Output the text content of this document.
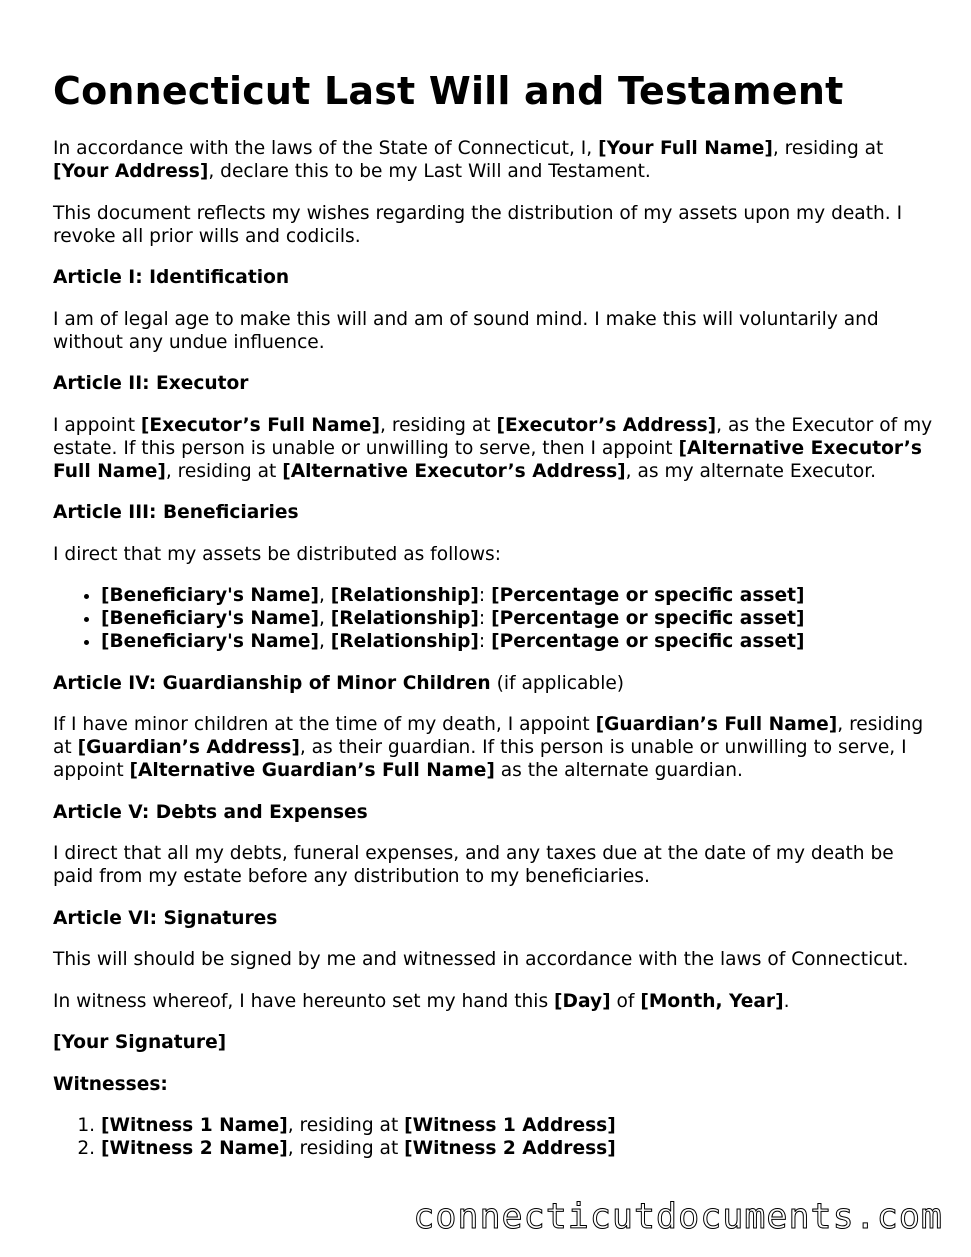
Connecticut Last Will and Testament

In accordance with the laws of the State of Connecticut, I, [Your Full Name], residing at [Your Address], declare this to be my Last Will and Testament.

This document reflects my wishes regarding the distribution of my assets upon my death. I revoke all prior wills and codicils.

Article I: Identification

I am of legal age to make this will and am of sound mind. I make this will voluntarily and without any undue influence.

Article II: Executor

I appoint [Executor’s Full Name], residing at [Executor’s Address], as the Executor of my estate. If this person is unable or unwilling to serve, then I appoint [Alternative Executor’s Full Name], residing at [Alternative Executor’s Address], as my alternate Executor.

Article III: Beneficiaries

I direct that my assets be distributed as follows:

• [Beneficiary's Name], [Relationship]: [Percentage or specific asset]
• [Beneficiary's Name], [Relationship]: [Percentage or specific asset]
• [Beneficiary's Name], [Relationship]: [Percentage or specific asset]

Article IV: Guardianship of Minor Children (if applicable)

If I have minor children at the time of my death, I appoint [Guardian’s Full Name], residing at [Guardian’s Address], as their guardian. If this person is unable or unwilling to serve, I appoint [Alternative Guardian’s Full Name] as the alternate guardian.

Article V: Debts and Expenses

I direct that all my debts, funeral expenses, and any taxes due at the date of my death be paid from my estate before any distribution to my beneficiaries.

Article VI: Signatures

This will should be signed by me and witnessed in accordance with the laws of Connecticut.

In witness whereof, I have hereunto set my hand this [Day] of [Month, Year].

[Your Signature]
Witnesses:
1. [Witness 1 Name], residing at [Witness 1 Address]
2. [Witness 2 Name], residing at [Witness 2 Address]
connecticutdocuments.com
